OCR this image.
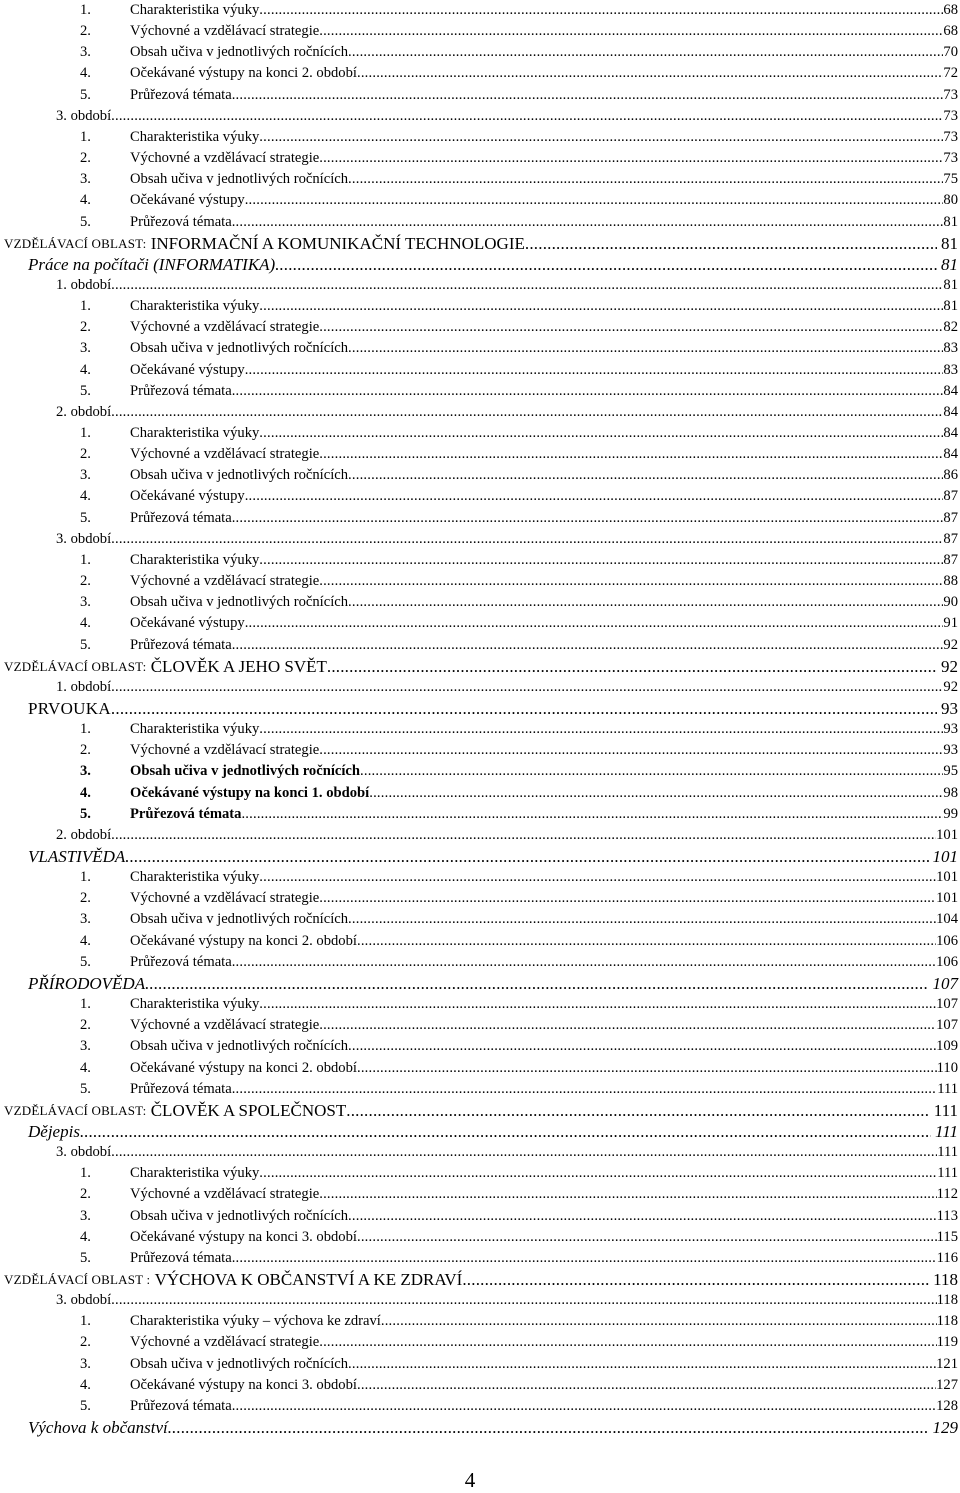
1.	Charakteristika výuky .....	68
2.	Výchovné a vzdělávací strategie .....	68
3.	Obsah učiva v jednotlivých ročnících .....	70
4.	Očekávané výstupy na konci 2. období .....	72
5.	Průřezová témata .....	73
3. období .....	73
1.	Charakteristika výuky .....	73
2.	Výchovné a vzdělávací strategie .....	73
3.	Obsah učiva v jednotlivých ročnících .....	75
4.	Očekávané výstupy .....	80
5.	Průřezová témata .....	81
VZDĚLÁVACÍ OBLAST:
INFORMAČNÍ A KOMUNIKAČNÍ TECHNOLOGIE .....	81
Práce na počítači (INFORMATIKA) .....	81
1. období .....	81
1.	Charakteristika výuky .....	81
2.	Výchovné a vzdělávací strategie .....	82
3.	Obsah učiva v jednotlivých ročnících .....	83
4.	Očekávané výstupy .....	83
5.	Průřezová témata .....	84
2. období .....	84
1.	Charakteristika výuky .....	84
2.	Výchovné a vzdělávací strategie .....	84
3.	Obsah učiva v jednotlivých ročnících .....	86
4.	Očekávané výstupy .....	87
5.	Průřezová témata .....	87
3. období .....	87
1.	Charakteristika výuky .....	87
2.	Výchovné a vzdělávací strategie .....	88
3.	Obsah učiva v jednotlivých ročnících .....	90
4.	Očekávané výstupy .....	91
5.	Průřezová témata .....	92
VZDĚLÁVACÍ OBLAST:
ČLOVĚK A JEHO SVĚT .....	92
1. období .....	92
PRVOUKA .....	93
1.	Charakteristika výuky .....	93
2.	Výchovné a vzdělávací strategie .....	93
3.	Obsah učiva v jednotlivých ročnících .....	95
4.	Očekávané výstupy na konci 1. období .....	98
5.	Průřezová témata .....	99
2. období .....	101
VLASTIVĚDA .....	101
1.	Charakteristika výuky .....	101
2.	Výchovné a vzdělávací strategie .....	101
3.	Obsah učiva v jednotlivých ročnících .....	104
4.	Očekávané výstupy na konci 2. období .....	106
5.	Průřezová témata .....	106
PŘÍRODOVĚDA .....	107
1.	Charakteristika výuky .....	107
2.	Výchovné a vzdělávací strategie .....	107
3.	Obsah učiva v jednotlivých ročnících .....	109
4.	Očekávané výstupy na konci 2. období .....	110
5.	Průřezová témata .....	111
VZDĚLÁVACÍ OBLAST:
ČLOVĚK A SPOLEČNOST .....	111
Dějepis .....	111
3. období .....	111
1.	Charakteristika výuky .....	111
2.	Výchovné a vzdělávací strategie .....	112
3.	Obsah učiva v jednotlivých ročnících .....	113
4.	Očekávané výstupy na konci 3. období .....	115
5.	Průřezová témata .....	116
VZDĚLÁVACÍ OBLAST :
VÝCHOVA K OBČANSTVÍ A KE ZDRAVÍ .....	118
3. období .....	118
1.	Charakteristika výuky – výchova ke zdraví .....	118
2.	Výchovné a vzdělávací strategie .....	119
3.	Obsah učiva v jednotlivých ročnících .....	121
4.	Očekávané výstupy na konci 3. období .....	127
5.	Průřezová témata .....	128
Výchova k občanství .....	129
4
